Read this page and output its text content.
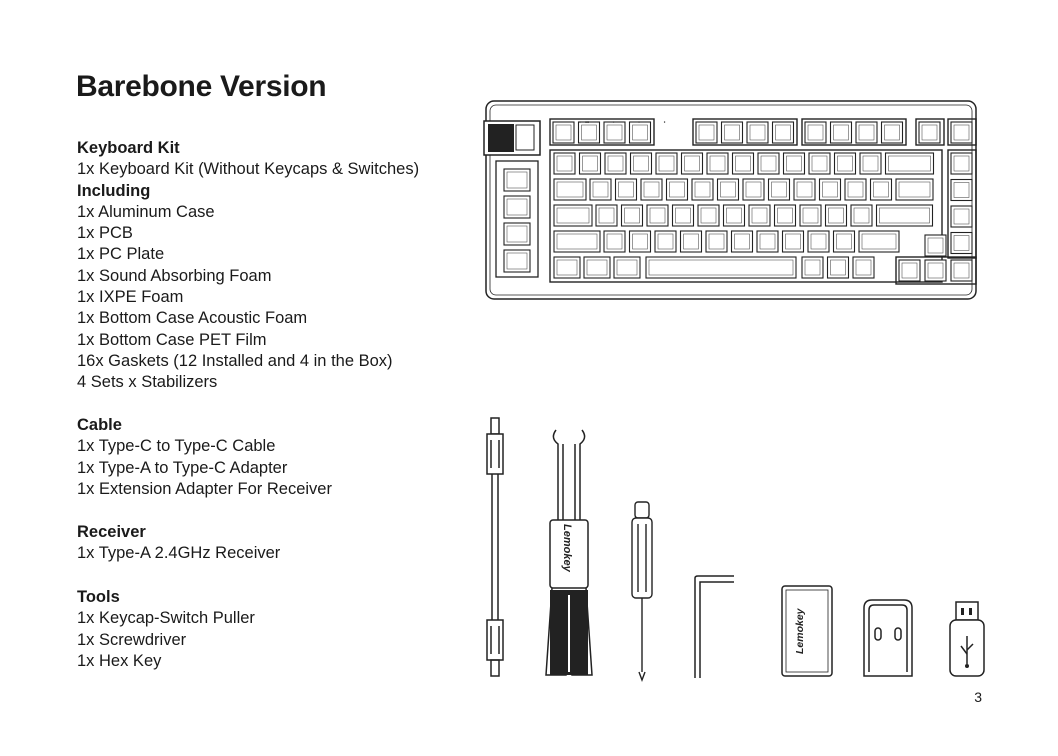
Barebone Version
Keyboard Kit
1x Keyboard Kit (Without Keycaps & Switches)
Including
1x Aluminum Case
1x PCB
1x PC Plate
1x Sound Absorbing Foam
1x IXPE Foam
1x Bottom Case Acoustic Foam
1x Bottom Case PET Film
16x Gaskets (12 Installed and 4 in the Box)
4 Sets x Stabilizers
Cable
1x Type-C to Type-C Cable
1x Type-A to Type-C Adapter
1x Extension Adapter For Receiver
Receiver
1x Type-A 2.4GHz Receiver
Tools
1x Keycap-Switch Puller
1x Screwdriver
1x Hex Key
Lemokey
Lemokey
3
